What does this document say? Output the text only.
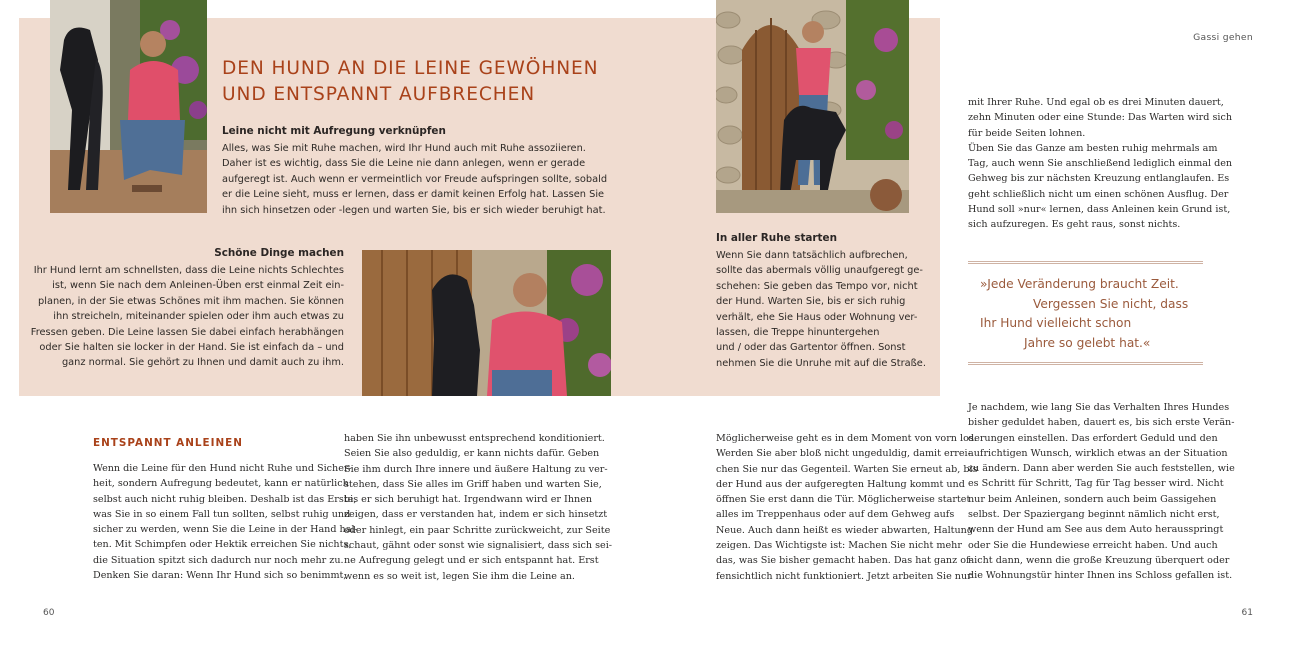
DEN HUND AN DIE LEINE GEWÖHNEN
UND ENTSPANNT AUFBRECHEN
Leine nicht mit Aufregung verknüpfen
Alles, was Sie mit Ruhe machen, wird Ihr Hund auch mit Ruhe assoziieren.
Daher ist es wichtig, dass Sie die Leine nie dann anlegen, wenn er gerade
aufgeregt ist. Auch wenn er vermeintlich vor Freude aufspringen sollte, sobald
er die Leine sieht, muss er lernen, dass er damit keinen Erfolg hat. Lassen Sie
ihn sich hinsetzen oder -legen und warten Sie, bis er sich wieder beruhigt hat.
Schöne Dinge machen
Ihr Hund lernt am schnellsten, dass die Leine nichts Schlechtes
ist, wenn Sie nach dem Anleinen-Üben erst einmal Zeit ein-
planen, in der Sie etwas Schönes mit ihm machen. Sie können
ihn streicheln, miteinander spielen oder ihm auch etwas zu
Fressen geben. Die Leine lassen Sie dabei einfach herabhängen
oder Sie halten sie locker in der Hand. Sie ist einfach da – und
ganz normal. Sie gehört zu Ihnen und damit auch zu ihm.
In aller Ruhe starten
Wenn Sie dann tatsächlich aufbrechen,
sollte das abermals völlig unaufgeregt ge-
schehen: Sie geben das Tempo vor, nicht
der Hund. Warten Sie, bis er sich ruhig
verhält, ehe Sie Haus oder Wohnung ver-
lassen, die Treppe hinuntergehen
und / oder das Gartentor öffnen. Sonst
nehmen Sie die Unruhe mit auf die Straße.
Gassi gehen
mit Ihrer Ruhe. Und egal ob es drei Minuten dauert,
zehn Minuten oder eine Stunde: Das Warten wird sich
für beide Seiten lohnen.
Üben Sie das Ganze am besten ruhig mehrmals am
Tag, auch wenn Sie anschließend lediglich einmal den
Gehweg bis zur nächsten Kreuzung entlanglaufen. Es
geht schließlich nicht um einen schönen Ausflug. Der
Hund soll »nur« lernen, dass Anleinen kein Grund ist,
sich aufzuregen. Es geht raus, sonst nichts.
»Jede Veränderung braucht Zeit.
Vergessen Sie nicht, dass
Ihr Hund vielleicht schon
Jahre so gelebt hat.«
ENTSPANNT ANLEINEN
Wenn die Leine für den Hund nicht Ruhe und Sicher-
heit, sondern Aufregung bedeutet, kann er natürlich
selbst auch nicht ruhig bleiben. Deshalb ist das Erste,
was Sie in so einem Fall tun sollten, selbst ruhig und
sicher zu werden, wenn Sie die Leine in der Hand hal-
ten. Mit Schimpfen oder Hektik erreichen Sie nichts,
die Situation spitzt sich dadurch nur noch mehr zu.
Denken Sie daran: Wenn Ihr Hund sich so benimmt,
haben Sie ihn unbewusst entsprechend konditioniert.
Seien Sie also geduldig, er kann nichts dafür. Geben
Sie ihm durch Ihre innere und äußere Haltung zu ver-
stehen, dass Sie alles im Griff haben und warten Sie,
bis er sich beruhigt hat. Irgendwann wird er Ihnen
zeigen, dass er verstanden hat, indem er sich hinsetzt
oder hinlegt, ein paar Schritte zurückweicht, zur Seite
schaut, gähnt oder sonst wie signalisiert, dass sich sei-
ne Aufregung gelegt und er sich entspannt hat. Erst
wenn es so weit ist, legen Sie ihm die Leine an.
Möglicherweise geht es in dem Moment von vorn los.
Werden Sie aber bloß nicht ungeduldig, damit errei-
chen Sie nur das Gegenteil. Warten Sie erneut ab, bis
der Hund aus der aufgeregten Haltung kommt und
öffnen Sie erst dann die Tür. Möglicherweise startet
alles im Treppenhaus oder auf dem Gehweg aufs
Neue. Auch dann heißt es wieder abwarten, Haltung
zeigen. Das Wichtigste ist: Machen Sie nicht mehr
das, was Sie bisher gemacht haben. Das hat ganz of-
fensichtlich nicht funktioniert. Jetzt arbeiten Sie nur
Je nachdem, wie lang Sie das Verhalten Ihres Hundes
bisher geduldet haben, dauert es, bis sich erste Verän-
derungen einstellen. Das erfordert Geduld und den
aufrichtigen Wunsch, wirklich etwas an der Situation
zu ändern. Dann aber werden Sie auch feststellen, wie
es Schritt für Schritt, Tag für Tag besser wird. Nicht
nur beim Anleinen, sondern auch beim Gassigehen
selbst. Der Spaziergang beginnt nämlich nicht erst,
wenn der Hund am See aus dem Auto herausspringt
oder Sie die Hundewiese erreicht haben. Und auch
nicht dann, wenn die große Kreuzung überquert oder
die Wohnungstür hinter Ihnen ins Schloss gefallen ist.
60	61
